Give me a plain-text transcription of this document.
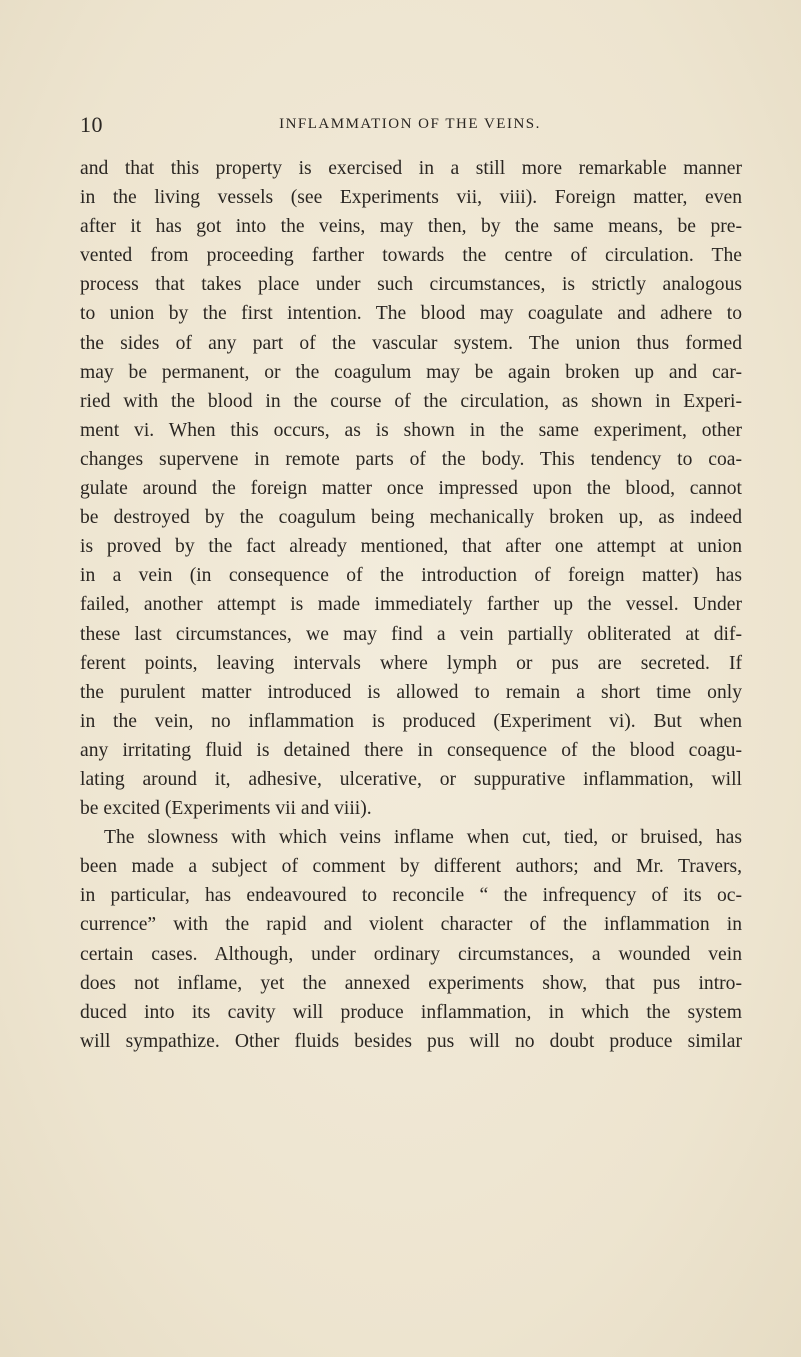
10	INFLAMMATION OF THE VEINS.
and that this property is exercised in a still more remarkable manner
in the living vessels (see Experiments vii, viii). Foreign matter, even
after it has got into the veins, may then, by the same means, be pre-
vented from proceeding farther towards the centre of circulation. The
process that takes place under such circumstances, is strictly analogous
to union by the first intention. The blood may coagulate and adhere to
the sides of any part of the vascular system. The union thus formed
may be permanent, or the coagulum may be again broken up and car-
ried with the blood in the course of the circulation, as shown in Experi-
ment vi. When this occurs, as is shown in the same experiment, other
changes supervene in remote parts of the body. This tendency to coa-
gulate around the foreign matter once impressed upon the blood, cannot
be destroyed by the coagulum being mechanically broken up, as indeed
is proved by the fact already mentioned, that after one attempt at union
in a vein (in consequence of the introduction of foreign matter) has
failed, another attempt is made immediately farther up the vessel. Under
these last circumstances, we may find a vein partially obliterated at dif-
ferent points, leaving intervals where lymph or pus are secreted. If
the purulent matter introduced is allowed to remain a short time only
in the vein, no inflammation is produced (Experiment vi). But when
any irritating fluid is detained there in consequence of the blood coagu-
lating around it, adhesive, ulcerative, or suppurative inflammation, will
be excited (Experiments vii and viii).
The slowness with which veins inflame when cut, tied, or bruised, has
been made a subject of comment by different authors; and Mr. Travers,
in particular, has endeavoured to reconcile “ the infrequency of its oc-
currence” with the rapid and violent character of the inflammation in
certain cases. Although, under ordinary circumstances, a wounded vein
does not inflame, yet the annexed experiments show, that pus intro-
duced into its cavity will produce inflammation, in which the system
will sympathize. Other fluids besides pus will no doubt produce similar
